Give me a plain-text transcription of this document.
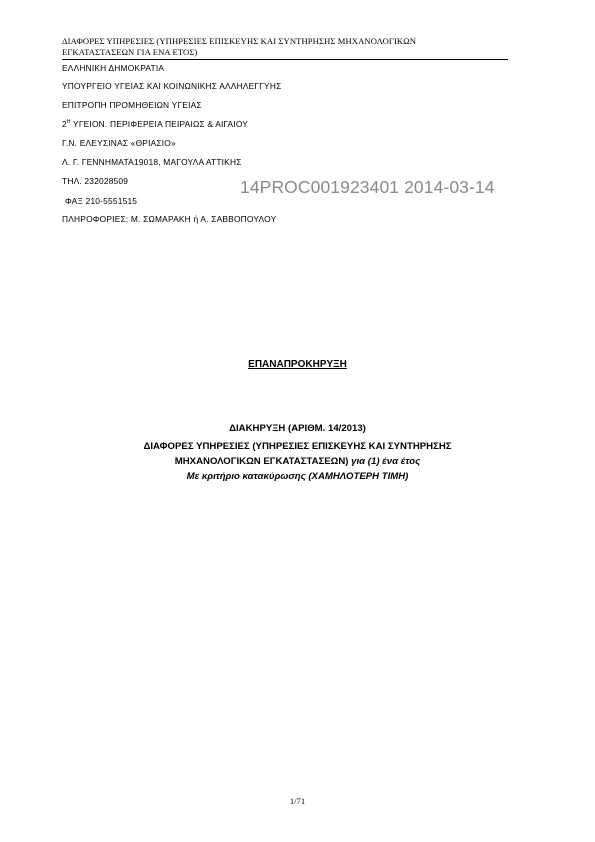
ΔΙΑΦΟΡΕΣ ΥΠΗΡΕΣΙΕΣ (ΥΠΗΡΕΣΙΕΣ ΕΠΙΣΚΕΥΗΣ ΚΑΙ ΣΥΝΤΗΡΗΣΗΣ ΜΗΧΑΝΟΛΟΓΙΚΩΝ
ΕΓΚΑΤΑΣΤΑΣΕΩΝ ΓΙΑ ΕΝΑ ΕΤΟΣ)
ΕΛΛΗΝΙΚΗ ΔΗΜΟΚΡΑΤΙΑ
ΥΠΟΥΡΓΕΙΟ ΥΓΕΙΑΣ ΚΑΙ ΚΟΙΝΩΝΙΚΗΣ ΑΛΛΗΛΕΓΓΥΗΣ
ΕΠΙΤΡΟΠΗ ΠΡΟΜΗΘΕΙΩΝ ΥΓΕΙΑΣ
$2^H$ ΥΓΕΙΟΝ. ΠΕΡΙΦΕΡΕΙΑ ΠΕΙΡΑΙΩΣ & ΑΙΓΑΙΟΥ
Γ.Ν. ΕΛΕΥΣΙΝΑΣ «ΘΡΙΑΣΙΟ»
Λ. Γ. ΓΕΝΝΗΜΑΤΑ19018, ΜΑΓΟΥΛΑ ΑΤΤΙΚΗΣ
ΤΗΛ. 232028509
ΦΑΞ 210-5551515
ΠΛΗΡΟΦΟΡΙΕΣ: Μ. ΣΩΜΑΡΑΚΗ ή Α. ΣΑΒΒΟΠΟΥΛΟΥ
14PROC001923401 2014-03-14
ΕΠΑΝΑΠΡΟΚΗΡΥΞΗ
ΔΙΑΚΗΡΥΞΗ (ΑΡΙΘΜ. 14/2013)
ΔΙΑΦΟΡΕΣ ΥΠΗΡΕΣΙΕΣ (ΥΠΗΡΕΣΙΕΣ ΕΠΙΣΚΕΥΗΣ ΚΑΙ ΣΥΝΤΗΡΗΣΗΣ
ΜΗΧΑΝΟΛΟΓΙΚΩΝ ΕΓΚΑΤΑΣΤΑΣΕΩΝ) για (1) ένα έτος
Με κριτήριο κατακύρωσης (ΧΑΜΗΛΟΤΕΡΗ ΤΙΜΗ)
1/71
